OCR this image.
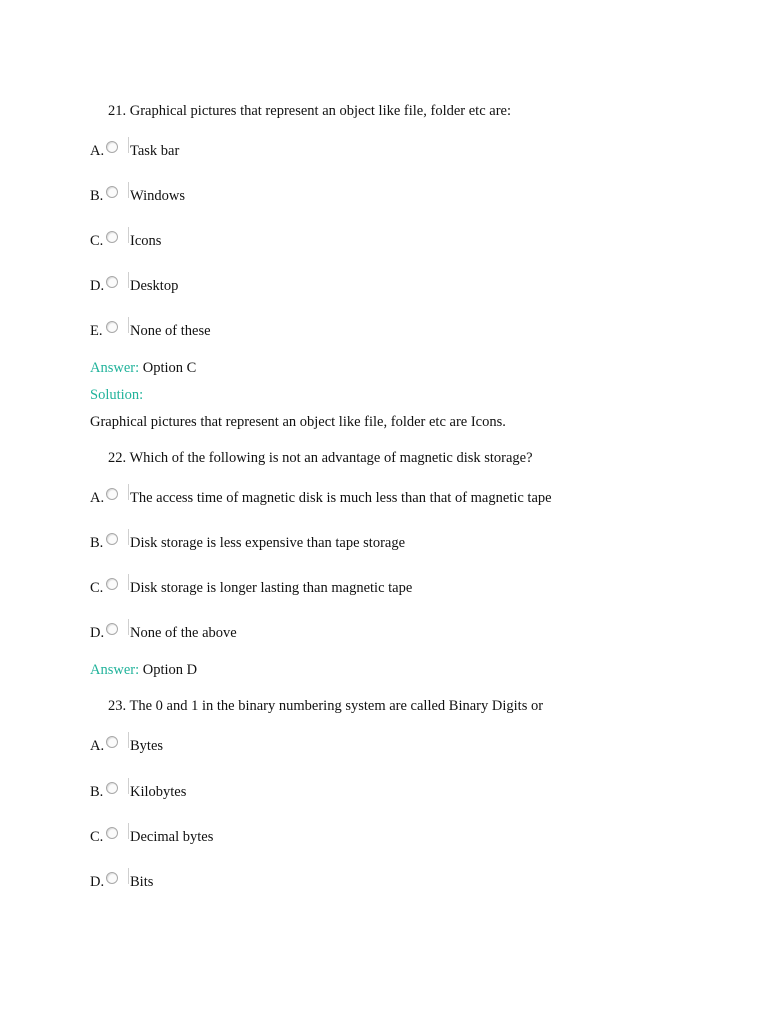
21. Graphical pictures that represent an object like file, folder etc are:
A. Task bar
B. Windows
C. Icons
D. Desktop
E. None of these
Answer: Option C
Solution:
Graphical pictures that represent an object like file, folder etc are Icons.
22. Which of the following is not an advantage of magnetic disk storage?
A. The access time of magnetic disk is much less than that of magnetic tape
B. Disk storage is less expensive than tape storage
C. Disk storage is longer lasting than magnetic tape
D. None of the above
Answer: Option D
23. The 0 and 1 in the binary numbering system are called Binary Digits or
A. Bytes
B. Kilobytes
C. Decimal bytes
D. Bits
